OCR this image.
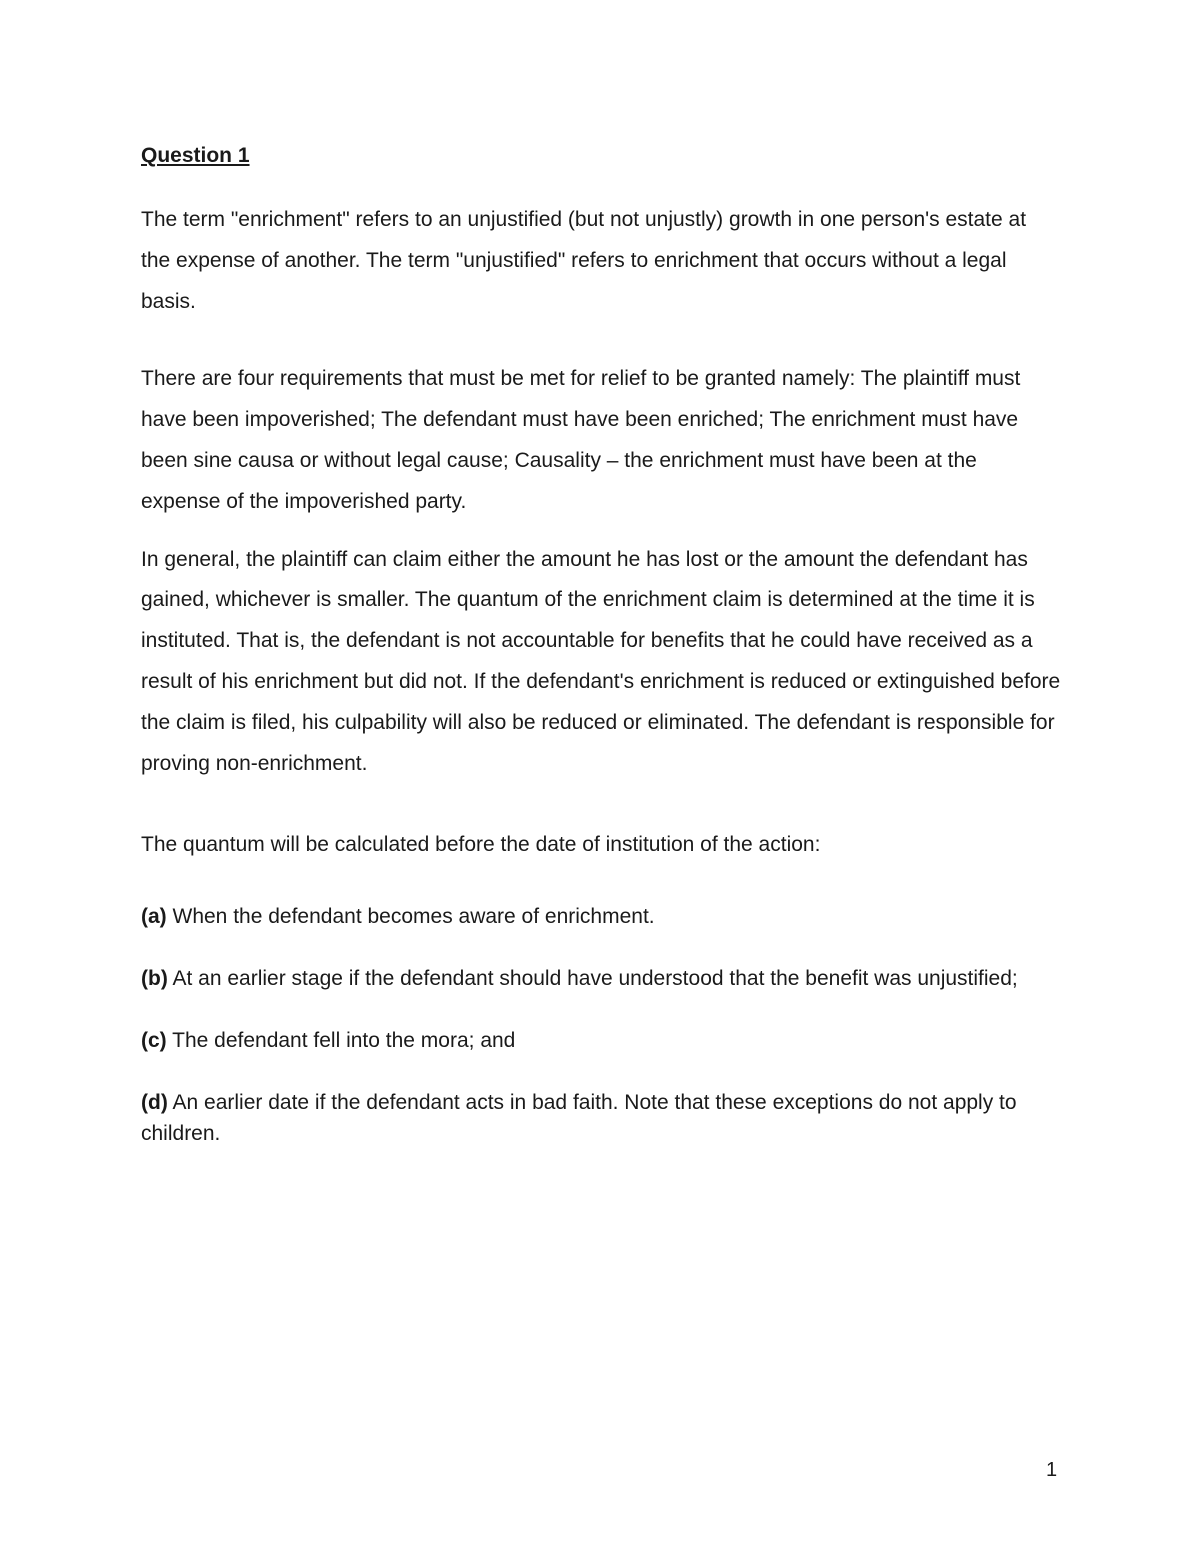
Question 1

The term "enrichment" refers to an unjustified (but not unjustly) growth in one person's estate at the expense of another. The term "unjustified" refers to enrichment that occurs without a legal basis.

There are four requirements that must be met for relief to be granted namely: The plaintiff must have been impoverished; The defendant must have been enriched; The enrichment must have been sine causa or without legal cause; Causality – the enrichment must have been at the expense of the impoverished party.

In general, the plaintiff can claim either the amount he has lost or the amount the defendant has gained, whichever is smaller. The quantum of the enrichment claim is determined at the time it is instituted. That is, the defendant is not accountable for benefits that he could have received as a result of his enrichment but did not. If the defendant's enrichment is reduced or extinguished before the claim is filed, his culpability will also be reduced or eliminated. The defendant is responsible for proving non-enrichment.

The quantum will be calculated before the date of institution of the action:

(a) When the defendant becomes aware of enrichment.

(b) At an earlier stage if the defendant should have understood that the benefit was unjustified;

(c) The defendant fell into the mora; and

(d) An earlier date if the defendant acts in bad faith. Note that these exceptions do not apply to children.

1
